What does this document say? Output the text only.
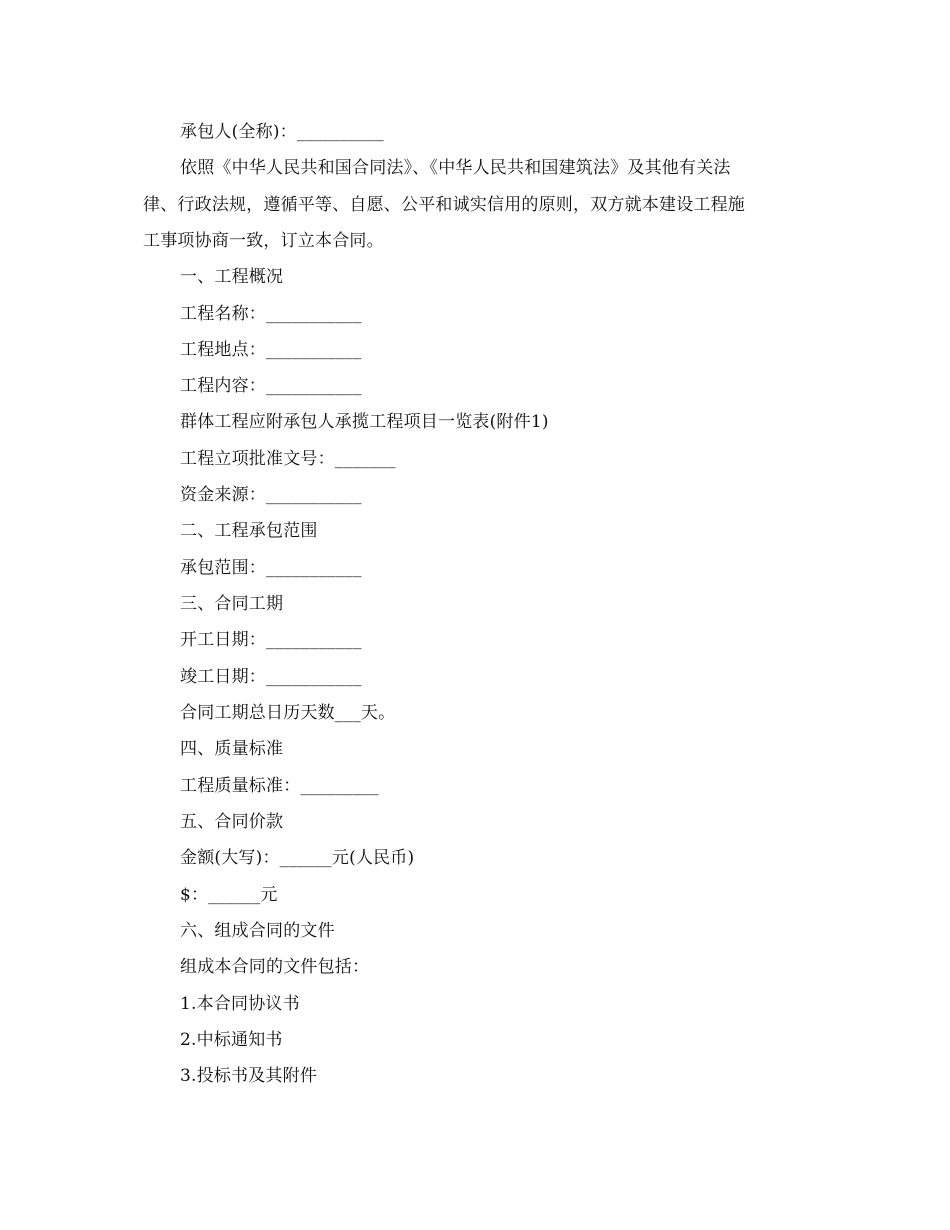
承包人(全称)：__________
依照《中华人民共和国合同法》、《中华人民共和国建筑法》及其他有关法
律、行政法规，遵循平等、自愿、公平和诚实信用的原则，双方就本建设工程施
工事项协商一致，订立本合同。
一、工程概况
工程名称：___________
工程地点：___________
工程内容：___________
群体工程应附承包人承揽工程项目一览表(附件1)
工程立项批准文号：_______
资金来源：___________
二、工程承包范围
承包范围：___________
三、合同工期
开工日期：___________
竣工日期：___________
合同工期总日历天数___天。
四、质量标准
工程质量标准：_________
五、合同价款
金额(大写)：______元(人民币)
$：______元
六、组成合同的文件
组成本合同的文件包括：
1.本合同协议书
2.中标通知书
3.投标书及其附件
